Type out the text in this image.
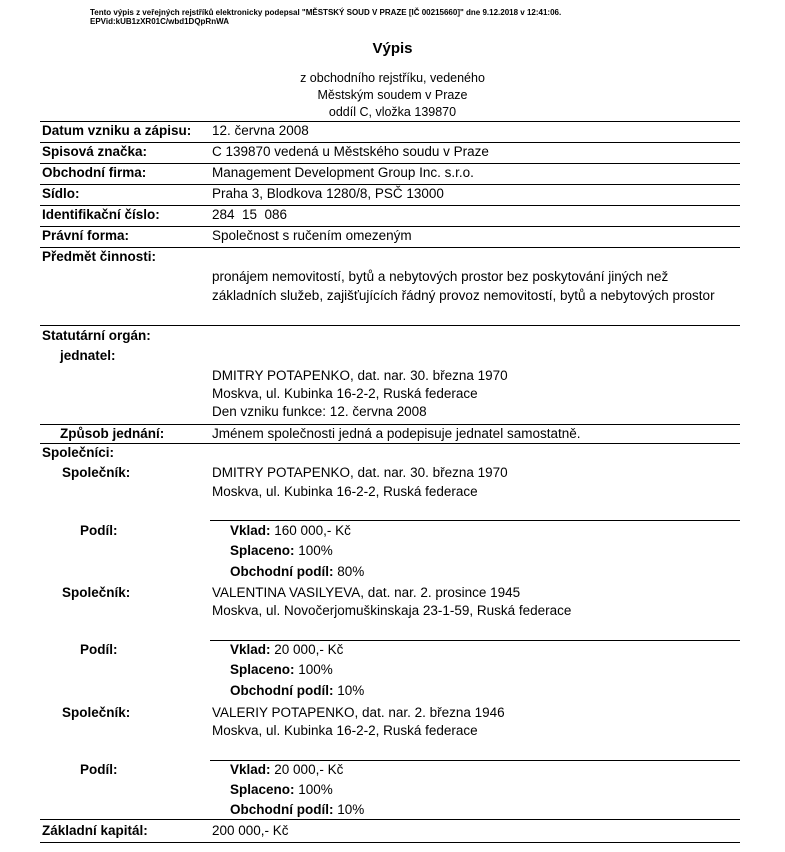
Tento výpis z veřejných rejstříků elektronicky podepsal "MĚSTSKÝ SOUD V PRAZE [IČ 00215660]" dne 9.12.2018 v 12:41:06.
EPVid:kUB1zXR01C/wbd1DQpRnWA
Výpis
z obchodního rejstříku, vedeného
Městským soudem v Praze
oddíl C, vložka 139870
Datum vzniku a zápisu: 12. června 2008
Spisová značka:	C 139870 vedená u Městského soudu v Praze
Obchodní firma:	Management Development Group Inc. s.r.o.
Sídlo:	Praha 3, Blodkova 1280/8, PSČ 13000
Identifikační číslo:	284  15  086
Právní forma:	Společnost s ručením omezeným
Předmět činnosti:
pronájem nemovitostí, bytů a nebytových prostor bez poskytování jiných než základních služeb, zajišťujících řádný provoz nemovitostí, bytů a nebytových prostor
Statutární orgán:
jednatel:
DMITRY POTAPENKO, dat. nar. 30. března 1970
Moskva, ul. Kubinka 16-2-2, Ruská federace
Den vzniku funkce: 12. června 2008
Způsob jednání:	Jménem společnosti jedná a podepisuje jednatel samostatně.
Společníci:
Společník:	DMITRY POTAPENKO, dat. nar. 30. března 1970
Moskva, ul. Kubinka 16-2-2, Ruská federace
Podíl:	Vklad: 160 000,- Kč
Splaceno: 100%
Obchodní podíl: 80%
Společník:	VALENTINA VASILYEVA, dat. nar. 2. prosince 1945
Moskva, ul. Novočerjomuškinskaja 23-1-59, Ruská federace
Podíl:	Vklad: 20 000,- Kč
Splaceno: 100%
Obchodní podíl: 10%
Společník:	VALERIY POTAPENKO, dat. nar. 2. března 1946
Moskva, ul. Kubinka 16-2-2, Ruská federace
Podíl:	Vklad: 20 000,- Kč
Splaceno: 100%
Obchodní podíl: 10%
Základní kapitál:	200 000,- Kč
